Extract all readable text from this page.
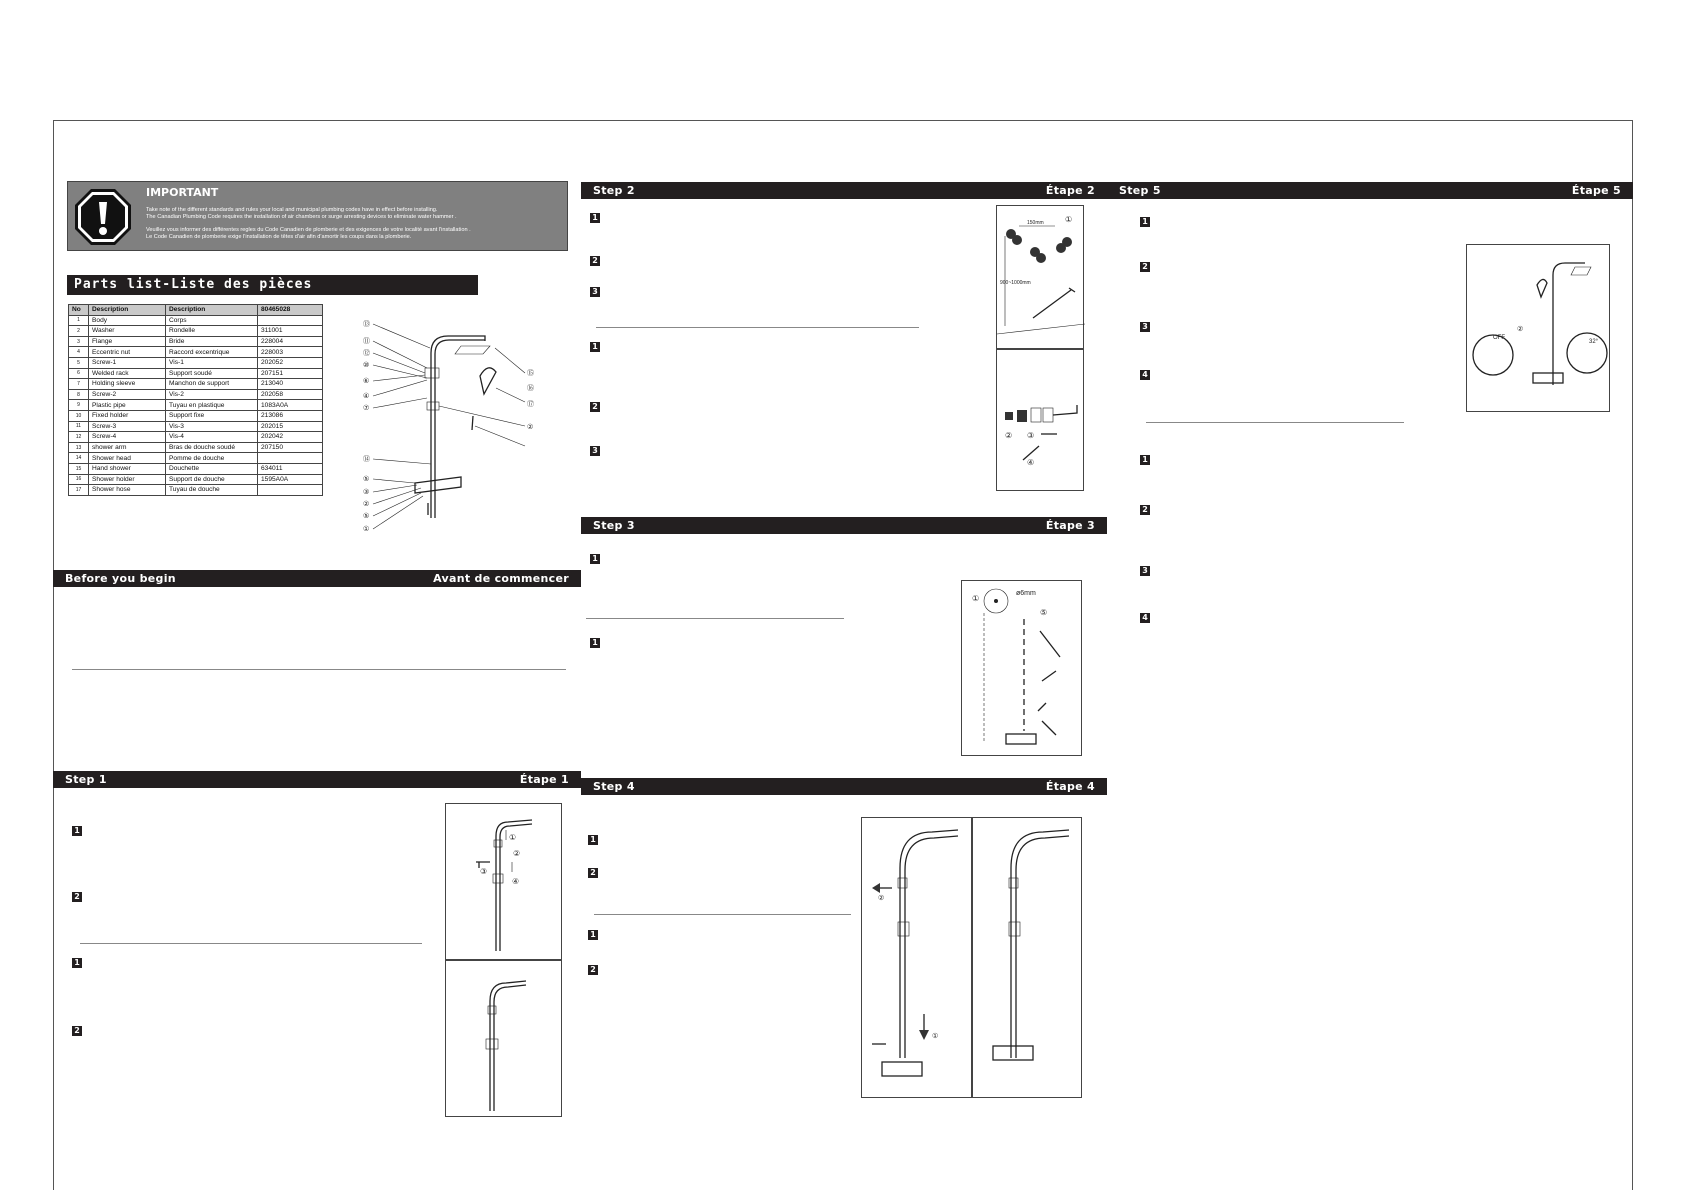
IMPORTANT

Take note of the different standards and rules your local and municipal plumbing codes have in effect before installing.

The Canadian Plumbing Code requires the installation of air chambers or surge arresting devices to eliminate water hammer .

Veuillez vous informer des différentes regles du Code Canadien de plomberie et des exigences de votre localité avant l'installation .

Le Code Canadien de plomberie exige l'installation de têtes d'air afin d'amortir les coups dans la plomberie.

Parts list-Liste des pièces
No	Description	Description	80465028
1	Body	Corps	
2	Washer	Rondelle	311001
3	Flange	Bride	228004
4	Eccentric nut	Raccord excentrique	228003
5	Screw-1	Vis-1	202052
6	Welded rack	Support soudé	207151
7	Holding sleeve	Manchon de support	213040
8	Screw-2	Vis-2	202058
9	Plastic pipe	Tuyau en plastique	1083A0A
10	Fixed holder	Support fixe	213086
11	Screw-3	Vis-3	202015
12	Screw-4	Vis-4	202042
13	shower arm	Bras de douche soudé	207150
14	Shower head	Pomme de douche	
15	Hand shower	Douchette	634011
16	Shower holder	Support de douche	1595A0A
17	Shower hose	Tuyau de douche	
⑬
⑪
⑫
⑩
⑥
④
⑦
⑭
⑮
⑯
⑰
②
⑤
③
②
⑤
①
Before you begin	Avant de commencer
Step 1	Étape 1
1
2
1
2
①
②
③
④
Step 2	Étape 2
1
2
3
1
2
3
150mm
900~1000mm
①
② ③
④
Step 3	Étape 3
1
1
ø6mm
⑤
①
Step 4	Étape 4
1
2
1
2
①
②
Step 5	Étape 5
1
2
3
4
1
2
3
4
OFF
32°
②
